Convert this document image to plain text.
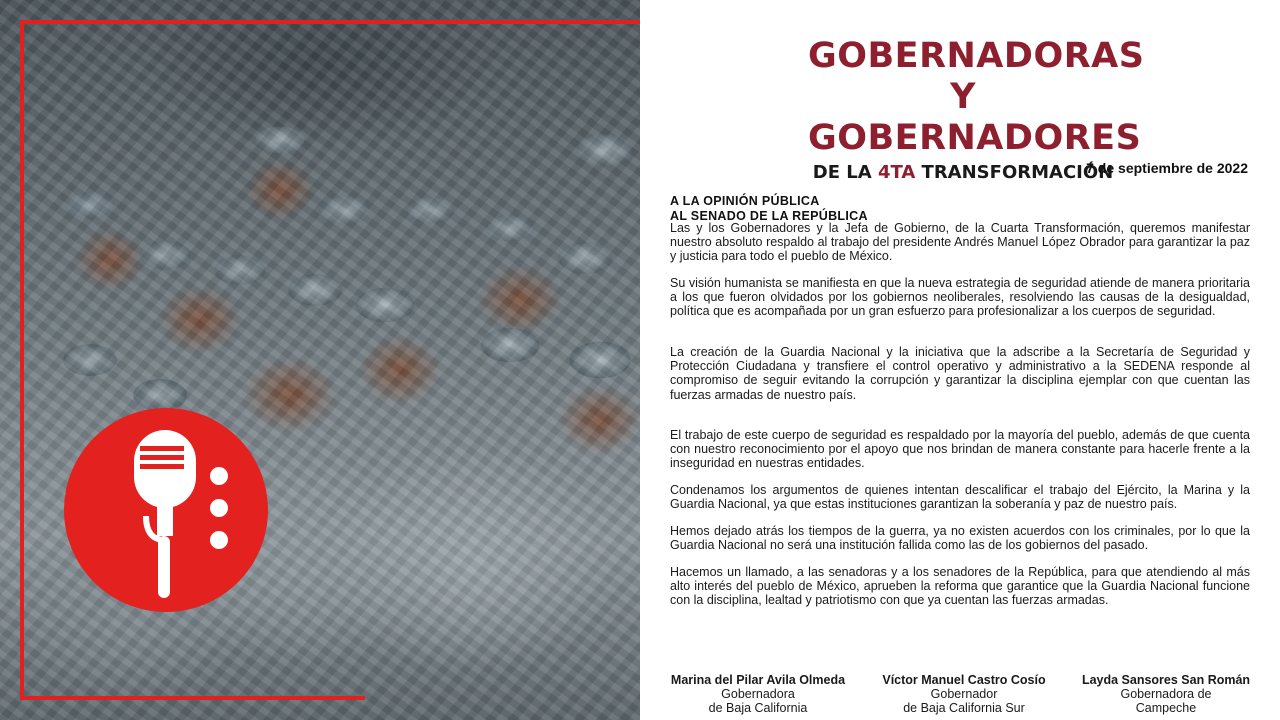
GOBERNADORAS
Y GOBERNADORES
DE LA 4TA TRANSFORMACIÓN
7 de septiembre de 2022
A LA OPINIÓN PÚBLICA
AL SENADO DE LA REPÚBLICA

Las y los Gobernadores y la Jefa de Gobierno, de la Cuarta Transformación, queremos manifestar nuestro absoluto respaldo al trabajo del presidente Andrés Manuel López Obrador para garantizar la paz y justicia para todo el pueblo de México.

Su visión humanista se manifiesta en que la nueva estrategia de seguridad atiende de manera prioritaria a los que fueron olvidados por los gobiernos neoliberales, resolviendo las causas de la desigualdad, política que es acompañada por un gran esfuerzo para profesionalizar a los cuerpos de seguridad.

La creación de la Guardia Nacional y la iniciativa que la adscribe a la Secretaría de Seguridad y Protección Ciudadana y transfiere el control operativo y administrativo a la SEDENA responde al compromiso de seguir evitando la corrupción y garantizar la disciplina ejemplar con que cuentan las fuerzas armadas de nuestro país.

El trabajo de este cuerpo de seguridad es respaldado por la mayoría del pueblo, además de que cuenta con nuestro reconocimiento por el apoyo que nos brindan de manera constante para hacerle frente a la inseguridad en nuestras entidades.

Condenamos los argumentos de quienes intentan descalificar el trabajo del Ejército, la Marina y la Guardia Nacional, ya que estas instituciones garantizan la soberanía y paz de nuestro país.

Hemos dejado atrás los tiempos de la guerra, ya no existen acuerdos con los criminales, por lo que la Guardia Nacional no será una institución fallida como las de los gobiernos del pasado.

Hacemos un llamado, a las senadoras y a los senadores de la República, para que atendiendo al más alto interés del pueblo de México, aprueben la reforma que garantice que la Guardia Nacional funcione con la disciplina, lealtad y patriotismo con que ya cuentan las fuerzas armadas.

Marina del Pilar Avila Olmeda
Gobernadora
de Baja California
Víctor Manuel Castro Cosío
Gobernador
de Baja California Sur
Layda Sansores San Román
Gobernadora de
Campeche
